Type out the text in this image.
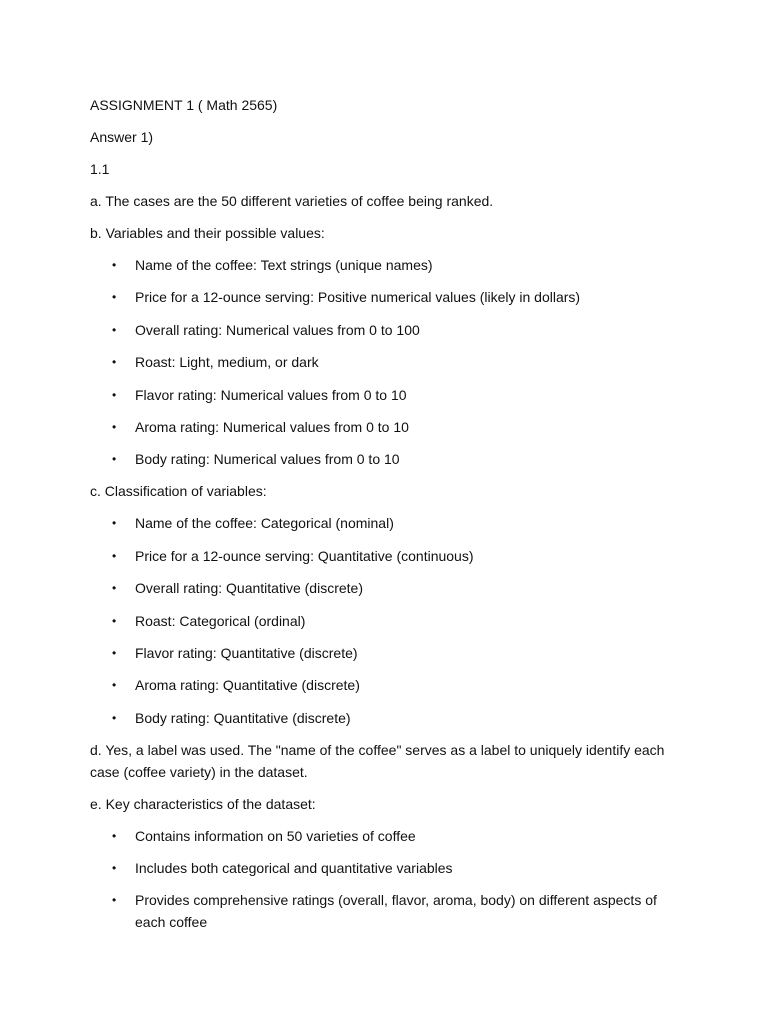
ASSIGNMENT 1 ( Math 2565)

Answer 1)

1.1

a. The cases are the 50 different varieties of coffee being ranked.

b. Variables and their possible values:

•	Name of the coffee: Text strings (unique names)
•	Price for a 12-ounce serving: Positive numerical values (likely in dollars)
•	Overall rating: Numerical values from 0 to 100
•	Roast: Light, medium, or dark
•	Flavor rating: Numerical values from 0 to 10
•	Aroma rating: Numerical values from 0 to 10
•	Body rating: Numerical values from 0 to 10

c. Classification of variables:

•	Name of the coffee: Categorical (nominal)
•	Price for a 12-ounce serving: Quantitative (continuous)
•	Overall rating: Quantitative (discrete)
•	Roast: Categorical (ordinal)
•	Flavor rating: Quantitative (discrete)
•	Aroma rating: Quantitative (discrete)
•	Body rating: Quantitative (discrete)

d. Yes, a label was used. The "name of the coffee" serves as a label to uniquely identify each case (coffee variety) in the dataset.

e. Key characteristics of the dataset:

•	Contains information on 50 varieties of coffee
•	Includes both categorical and quantitative variables
•	Provides comprehensive ratings (overall, flavor, aroma, body) on different aspects of each coffee
